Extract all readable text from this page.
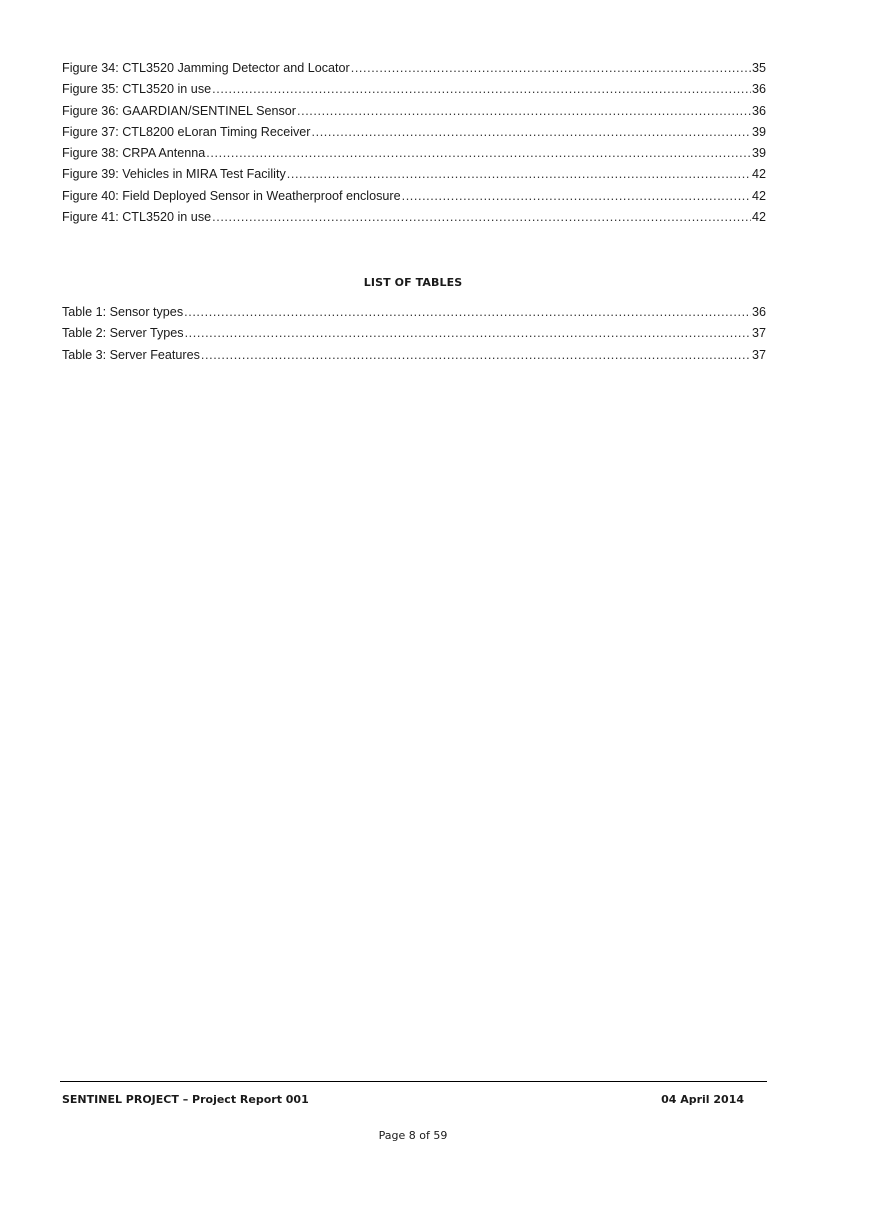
Figure 34: CTL3520 Jamming Detector and Locator .....	35
Figure 35: CTL3520 in use .....	36
Figure 36: GAARDIAN/SENTINEL Sensor .....	36
Figure 37: CTL8200 eLoran Timing Receiver .....	39
Figure 38: CRPA Antenna .....	39
Figure 39: Vehicles in MIRA Test Facility .....	42
Figure 40: Field Deployed Sensor in Weatherproof enclosure .....	42
Figure 41: CTL3520 in use .....	42
LIST OF TABLES
Table 1: Sensor types .....	36
Table 2: Server Types .....	37
Table 3: Server Features .....	37
SENTINEL PROJECT – Project Report 001	04 April 2014
Page 8 of 59
